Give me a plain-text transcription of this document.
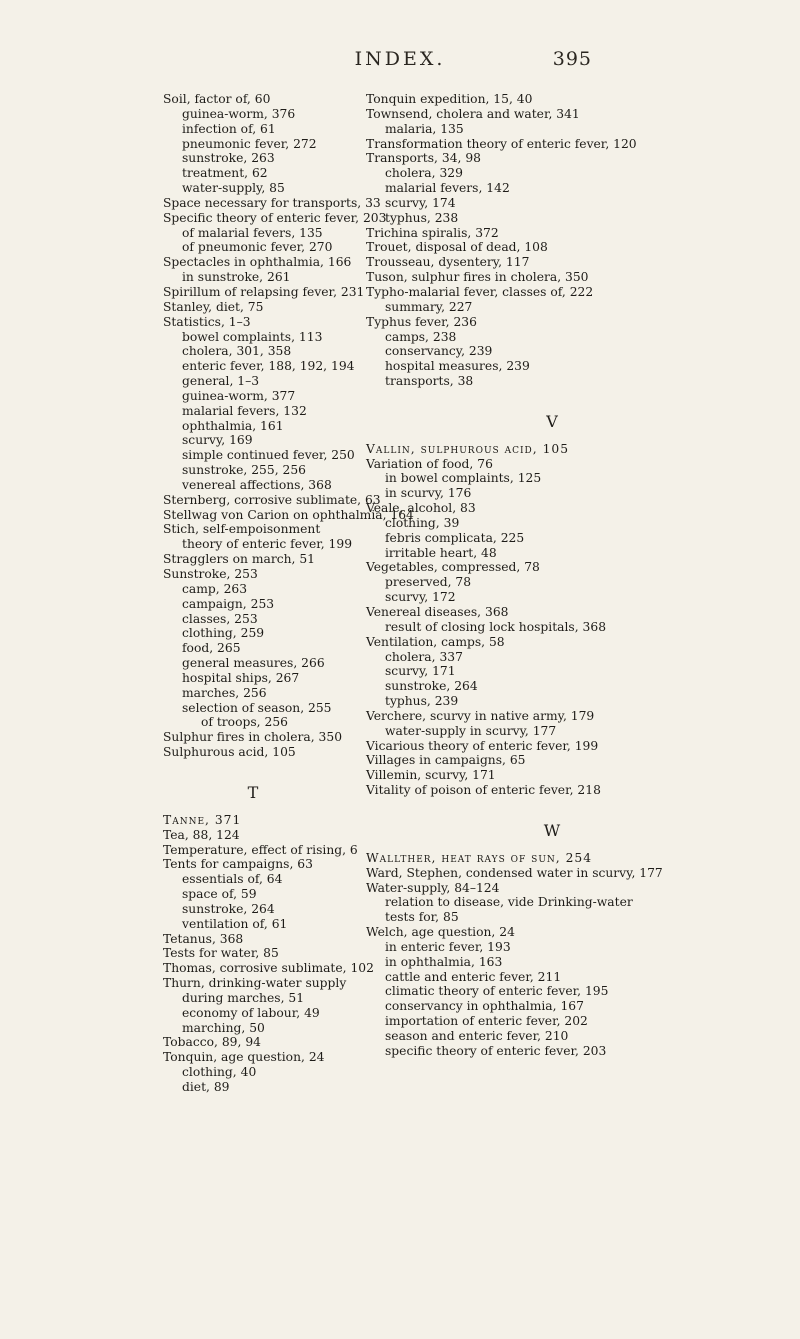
INDEX.	395
Soil, factor of, 60
guinea-worm, 376
infection of, 61
pneumonic fever, 272
sunstroke, 263
treatment, 62
water-supply, 85
Space necessary for transports, 33
Specific theory of enteric fever, 203
of malarial fevers, 135
of pneumonic fever, 270
Spectacles in ophthalmia, 166
in sunstroke, 261
Spirillum of relapsing fever, 231
Stanley, diet, 75
Statistics, 1–3
bowel complaints, 113
cholera, 301, 358
enteric fever, 188, 192, 194
general, 1–3
guinea-worm, 377
malarial fevers, 132
ophthalmia, 161
scurvy, 169
simple continued fever, 250
sunstroke, 255, 256
venereal affections, 368
Sternberg, corrosive sublimate, 63
Stellwag von Carion on ophthalmia, 164
Stich, self-empoisonment theory of enteric fever, 199
Stragglers on march, 51
Sunstroke, 253
camp, 263
campaign, 253
classes, 253
clothing, 259
food, 265
general measures, 266
hospital ships, 267
marches, 256
selection of season, 255
of troops, 256
Sulphur fires in cholera, 350
Sulphurous acid, 105
T
Tanne, 371
Tea, 88, 124
Temperature, effect of rising, 6
Tents for campaigns, 63
essentials of, 64
space of, 59
sunstroke, 264
ventilation of, 61
Tetanus, 368
Tests for water, 85
Thomas, corrosive sublimate, 102
Thurn, drinking-water supply during marches, 51
economy of labour, 49
marching, 50
Tobacco, 89, 94
Tonquin, age question, 24
clothing, 40
diet, 89
Tonquin expedition, 15, 40
Townsend, cholera and water, 341
malaria, 135
Transformation theory of enteric fever, 120
Transports, 34, 98
cholera, 329
malarial fevers, 142
scurvy, 174
typhus, 238
Trichina spiralis, 372
Trouet, disposal of dead, 108
Trousseau, dysentery, 117
Tuson, sulphur fires in cholera, 350
Typho-malarial fever, classes of, 222
summary, 227
Typhus fever, 236
camps, 238
conservancy, 239
hospital measures, 239
transports, 38
V
Vallin, sulphurous acid, 105
Variation of food, 76
in bowel complaints, 125
in scurvy, 176
Veale, alcohol, 83
clothing, 39
febris complicata, 225
irritable heart, 48
Vegetables, compressed, 78
preserved, 78
scurvy, 172
Venereal diseases, 368
result of closing lock hospitals, 368
Ventilation, camps, 58
cholera, 337
scurvy, 171
sunstroke, 264
typhus, 239
Verchere, scurvy in native army, 179
water-supply in scurvy, 177
Vicarious theory of enteric fever, 199
Villages in campaigns, 65
Villemin, scurvy, 171
Vitality of poison of enteric fever, 218
W
Wallther, heat rays of sun, 254
Ward, Stephen, condensed water in scurvy, 177
Water-supply, 84–124
relation to disease, vide Drinking-water
tests for, 85
Welch, age question, 24
in enteric fever, 193
in ophthalmia, 163
cattle and enteric fever, 211
climatic theory of enteric fever, 195
conservancy in ophthalmia, 167
importation of enteric fever, 202
season and enteric fever, 210
specific theory of enteric fever, 203
